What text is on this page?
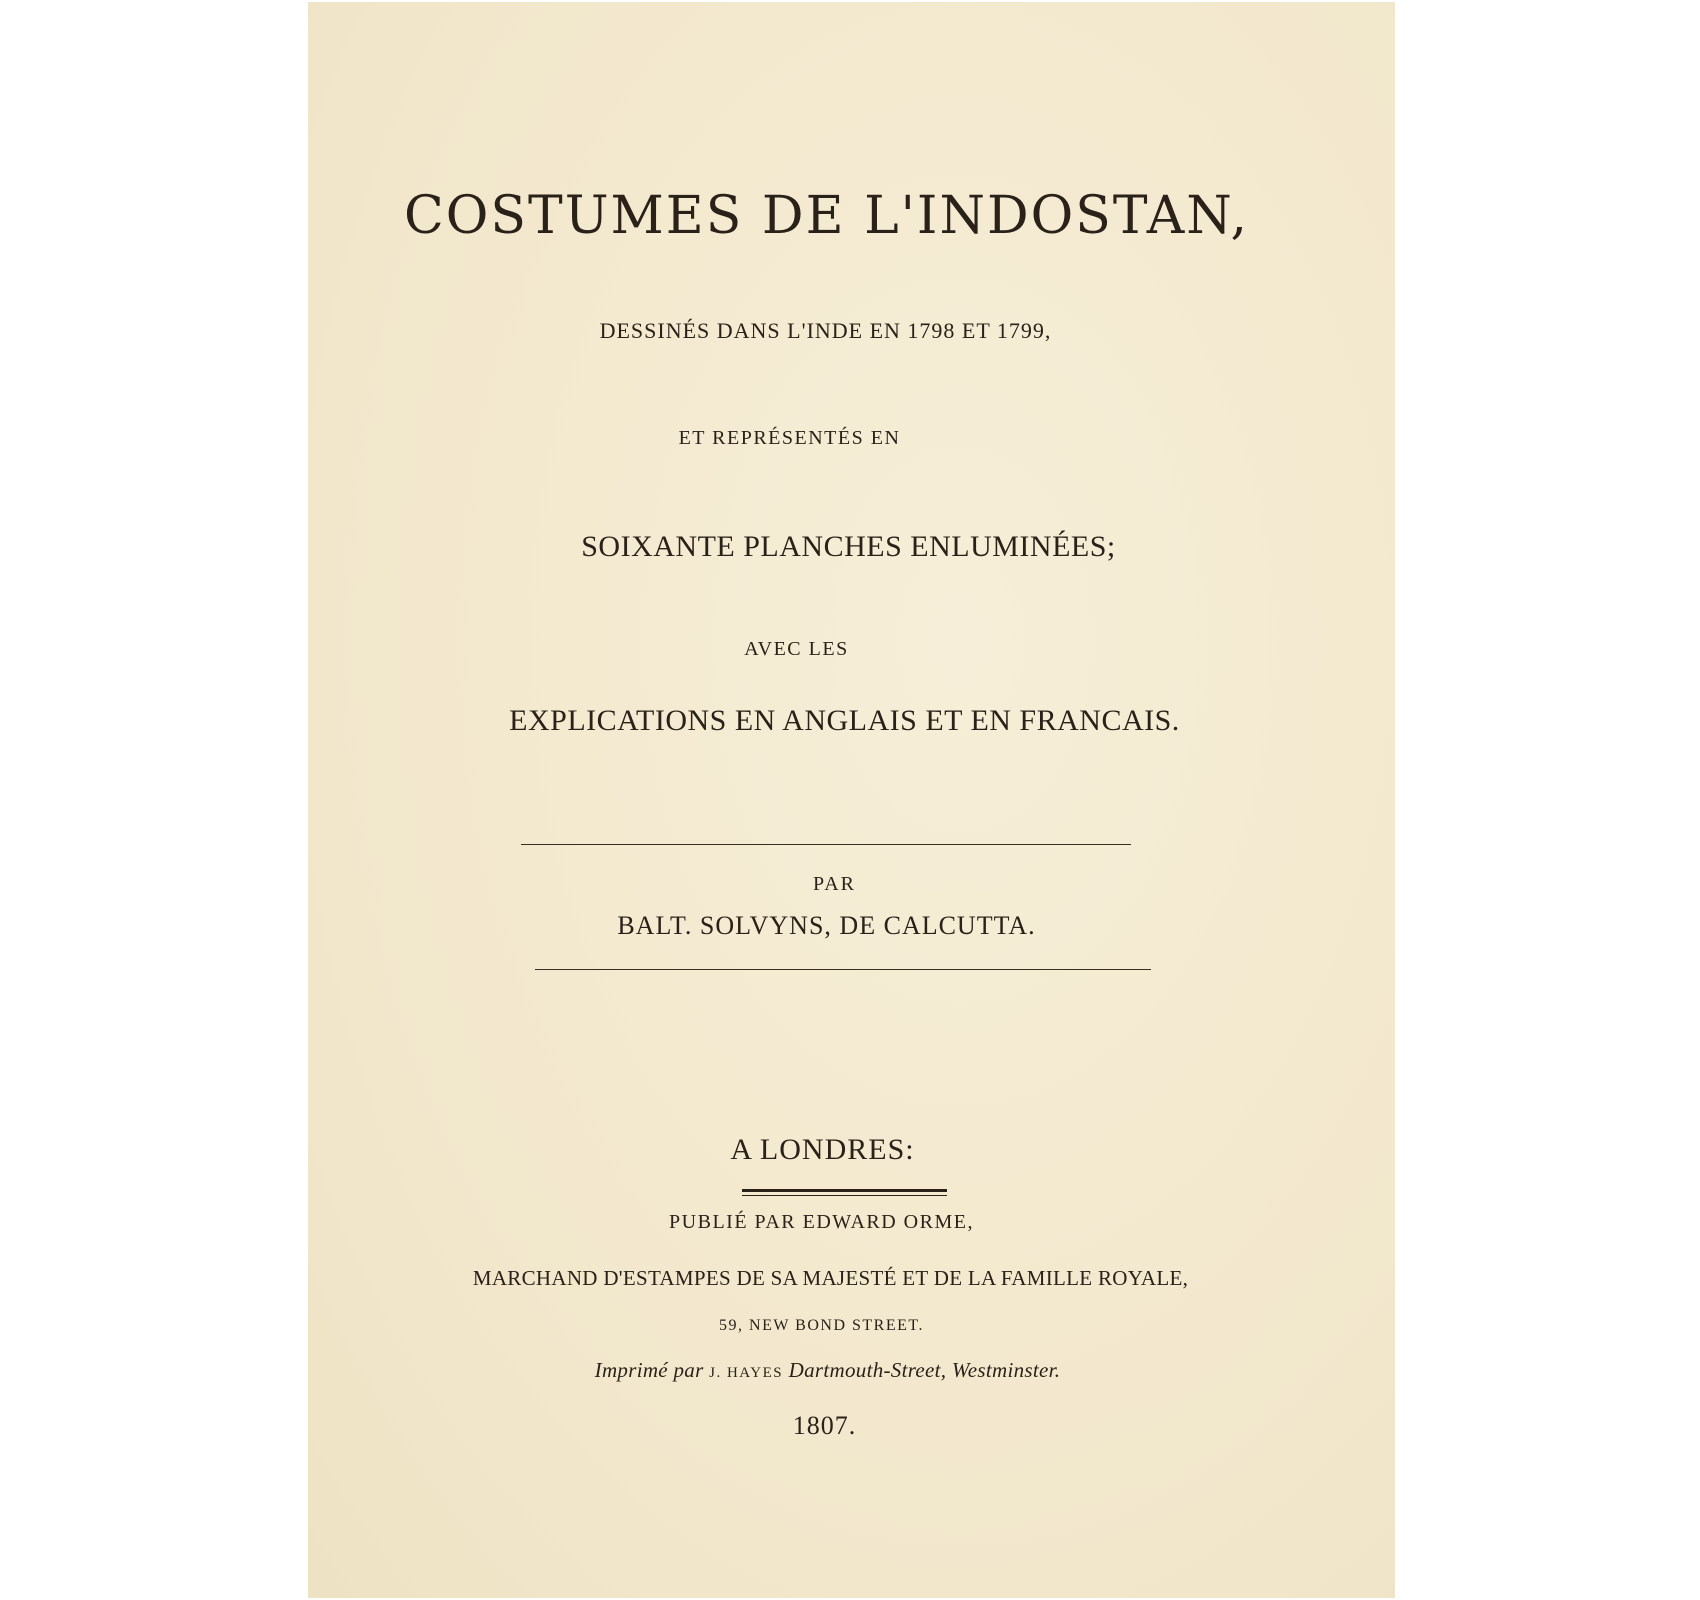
COSTUMES DE L'INDOSTAN,
DESSINÉS DANS L'INDE EN 1798 ET 1799,
ET REPRÉSENTÉS EN
SOIXANTE PLANCHES ENLUMINÉES;
AVEC LES
EXPLICATIONS EN ANGLAIS ET EN FRANCAIS.
PAR
BALT. SOLVYNS, DE CALCUTTA.
A LONDRES:
PUBLIÉ PAR EDWARD ORME,
MARCHAND D'ESTAMPES DE SA MAJESTÉ ET DE LA FAMILLE ROYALE,
59, NEW BOND STREET.
Imprimé par J. HAYES Dartmouth-Street, Westminster.
1807.
